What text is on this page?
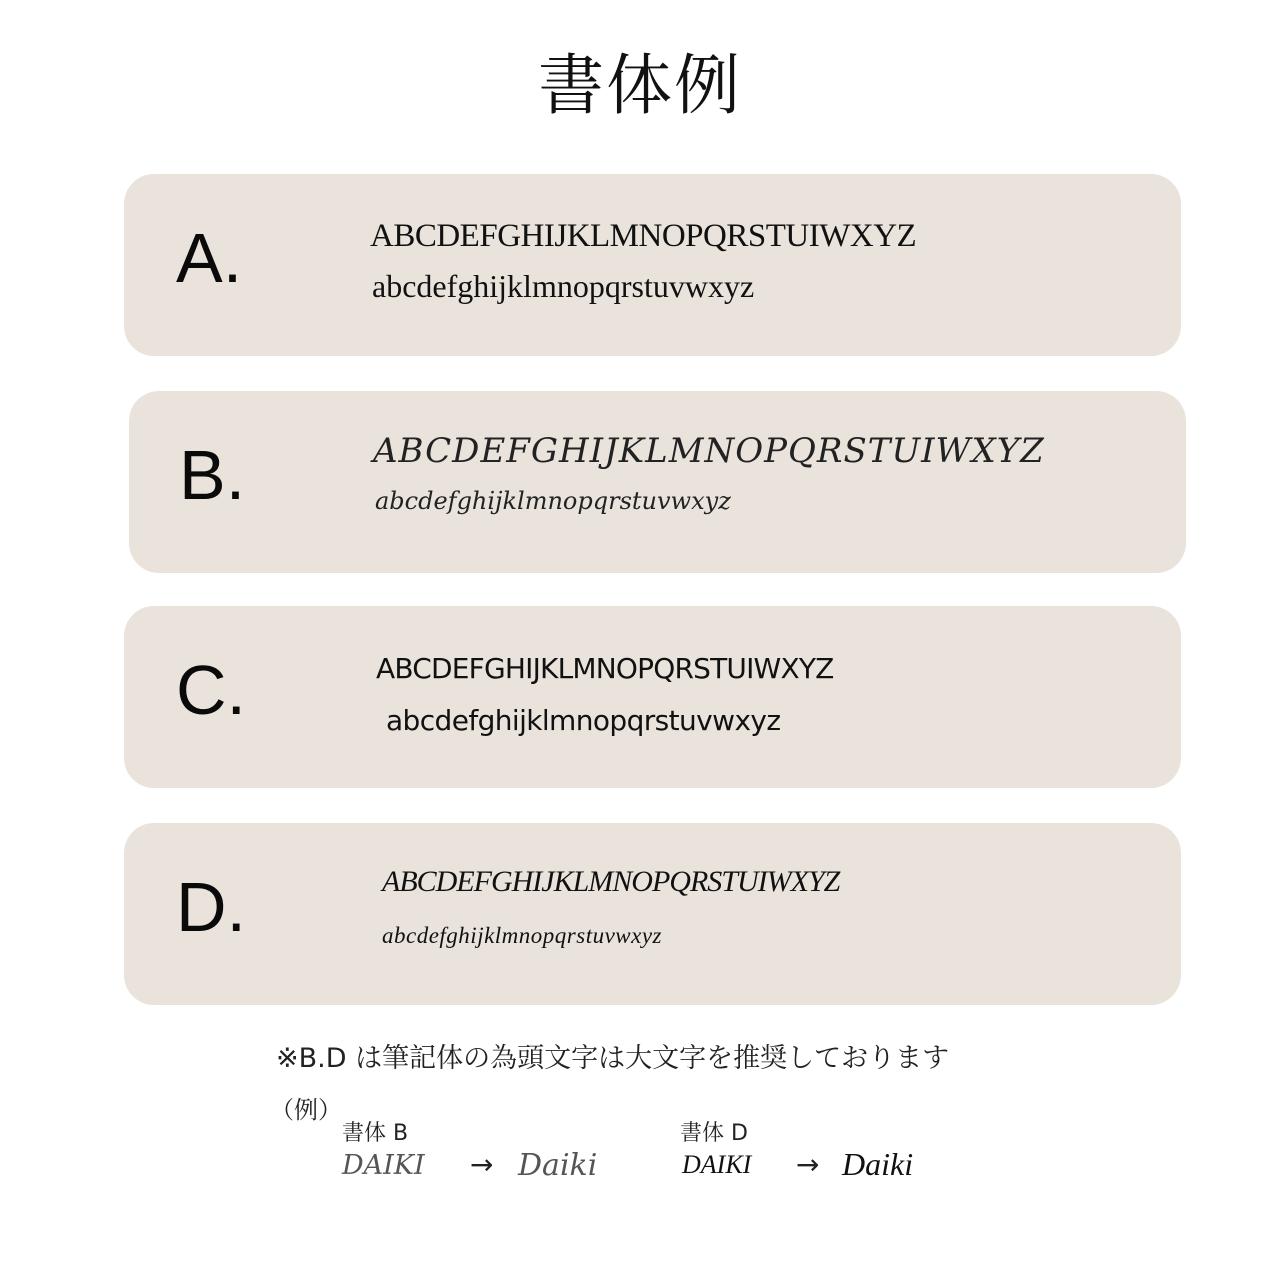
書体例
A.	ABCDEFGHIJKLMNOPQRSTUIWXYZ
abcdefghijklmnopqrstuvwxyz
B.	ABCDEFGHIJKLMNOPQRSTUIWXYZ
abcdefghijklmnopqrstuvwxyz
C.	ABCDEFGHIJKLMNOPQRSTUIWXYZ
abcdefghijklmnopqrstuvwxyz
D.	ABCDEFGHIJKLMNOPQRSTUIWXYZ
abcdefghijklmnopqrstuvwxyz
※B.D は筆記体の為頭文字は大文字を推奨しております
（例）
書体 B
DAIKI → Daiki
書体 D
DAIKI → Daiki
